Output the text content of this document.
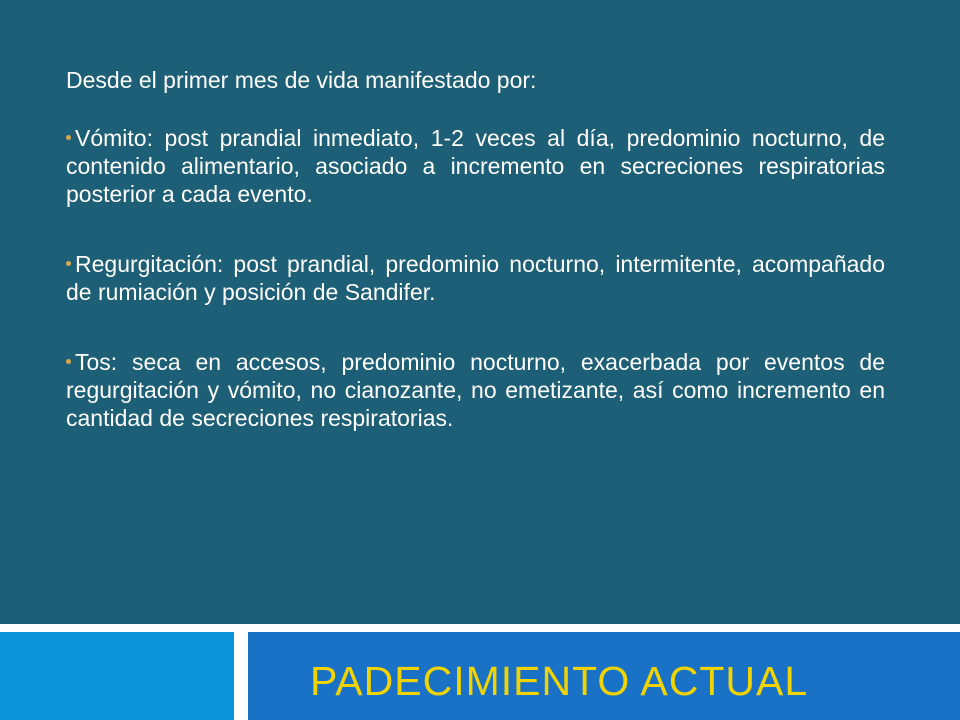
Desde el primer mes de vida manifestado por:

Vómito: post prandial inmediato, 1-2 veces al día, predominio nocturno, de contenido alimentario, asociado a incremento en secreciones respiratorias posterior a cada evento.
Regurgitación: post prandial, predominio nocturno, intermitente, acompañado de rumiación y posición de Sandifer.
Tos: seca en accesos, predominio nocturno, exacerbada por eventos de regurgitación y vómito, no cianozante, no emetizante, así como incremento en cantidad de secreciones respiratorias.
PADECIMIENTO ACTUAL
